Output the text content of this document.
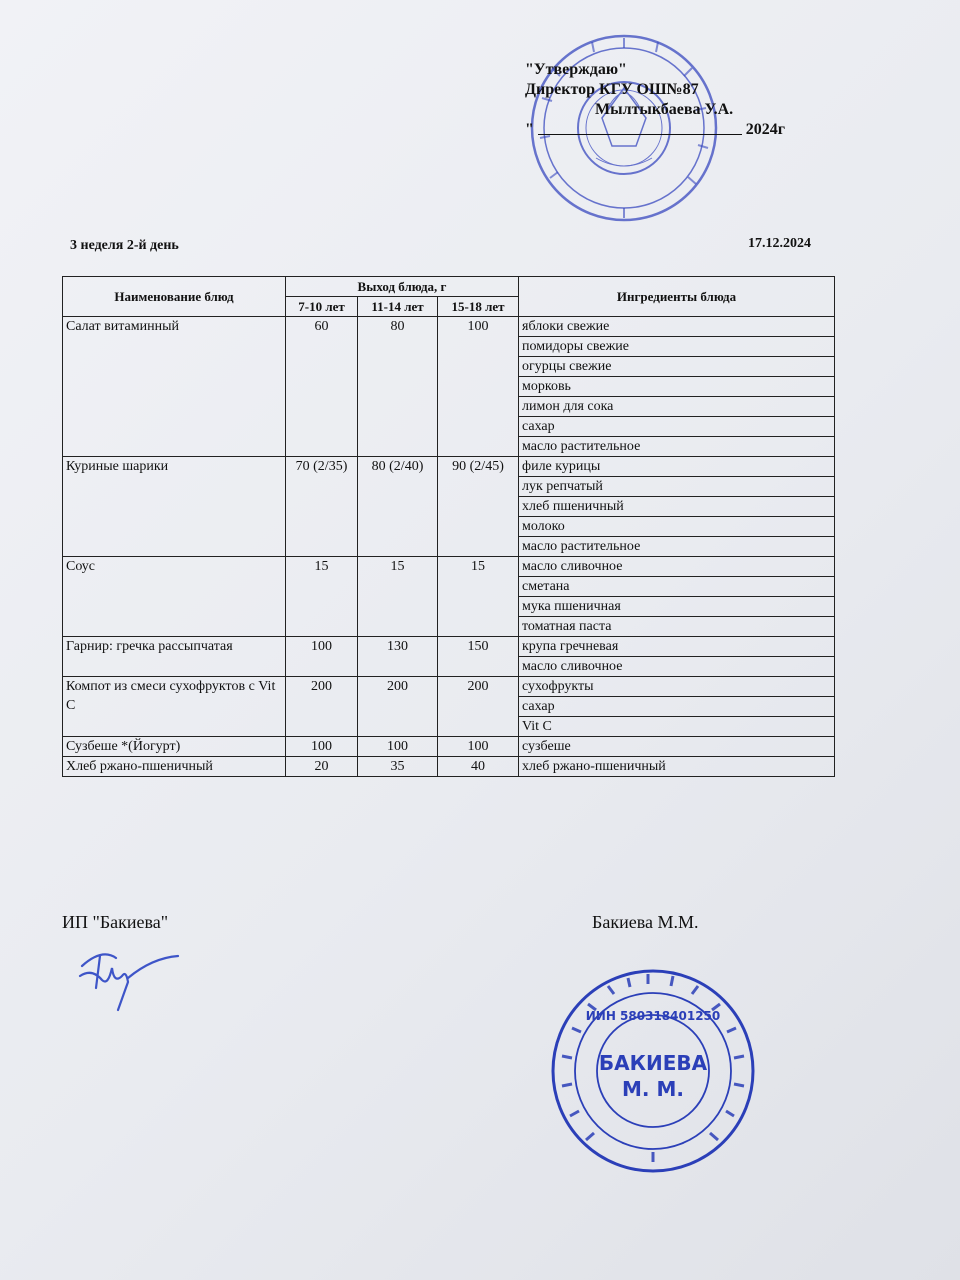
"Утверждаю"
Директор КГУ ОШ№87
Мылтыкбаева У.А.
"	2024г
3 неделя 2-й день	17.12.2024
Наименование блюд	Выход блюда, г			Ингредиенты блюда
	7-10 лет	11-14 лет	15-18 лет	
Салат витаминный	60	80	100	яблоки свежие
				помидоры свежие
				огурцы свежие
				морковь
				лимон для сока
				сахар
				масло растительное
Куриные шарики	70 (2/35)	80 (2/40)	90 (2/45)	филе курицы
				лук репчатый
				хлеб пшеничный
				молоко
				масло растительное
Соус	15	15	15	масло сливочное
				сметана
				мука пшеничная
				томатная паста
Гарнир: гречка рассыпчатая	100	130	150	крупа гречневая
				масло сливочное
Компот из смеси сухофруктов с Vit C	200	200	200	сухофрукты
				сахар
				Vit C
Сузбеше *(Йогурт)	100	100	100	сузбеше
Хлеб ржано-пшеничный	20	35	40	хлеб ржано-пшеничный
ИП "Бакиева"	Бакиева М.М.
ИИН 580318401250
БАКИЕВА
М. М.
